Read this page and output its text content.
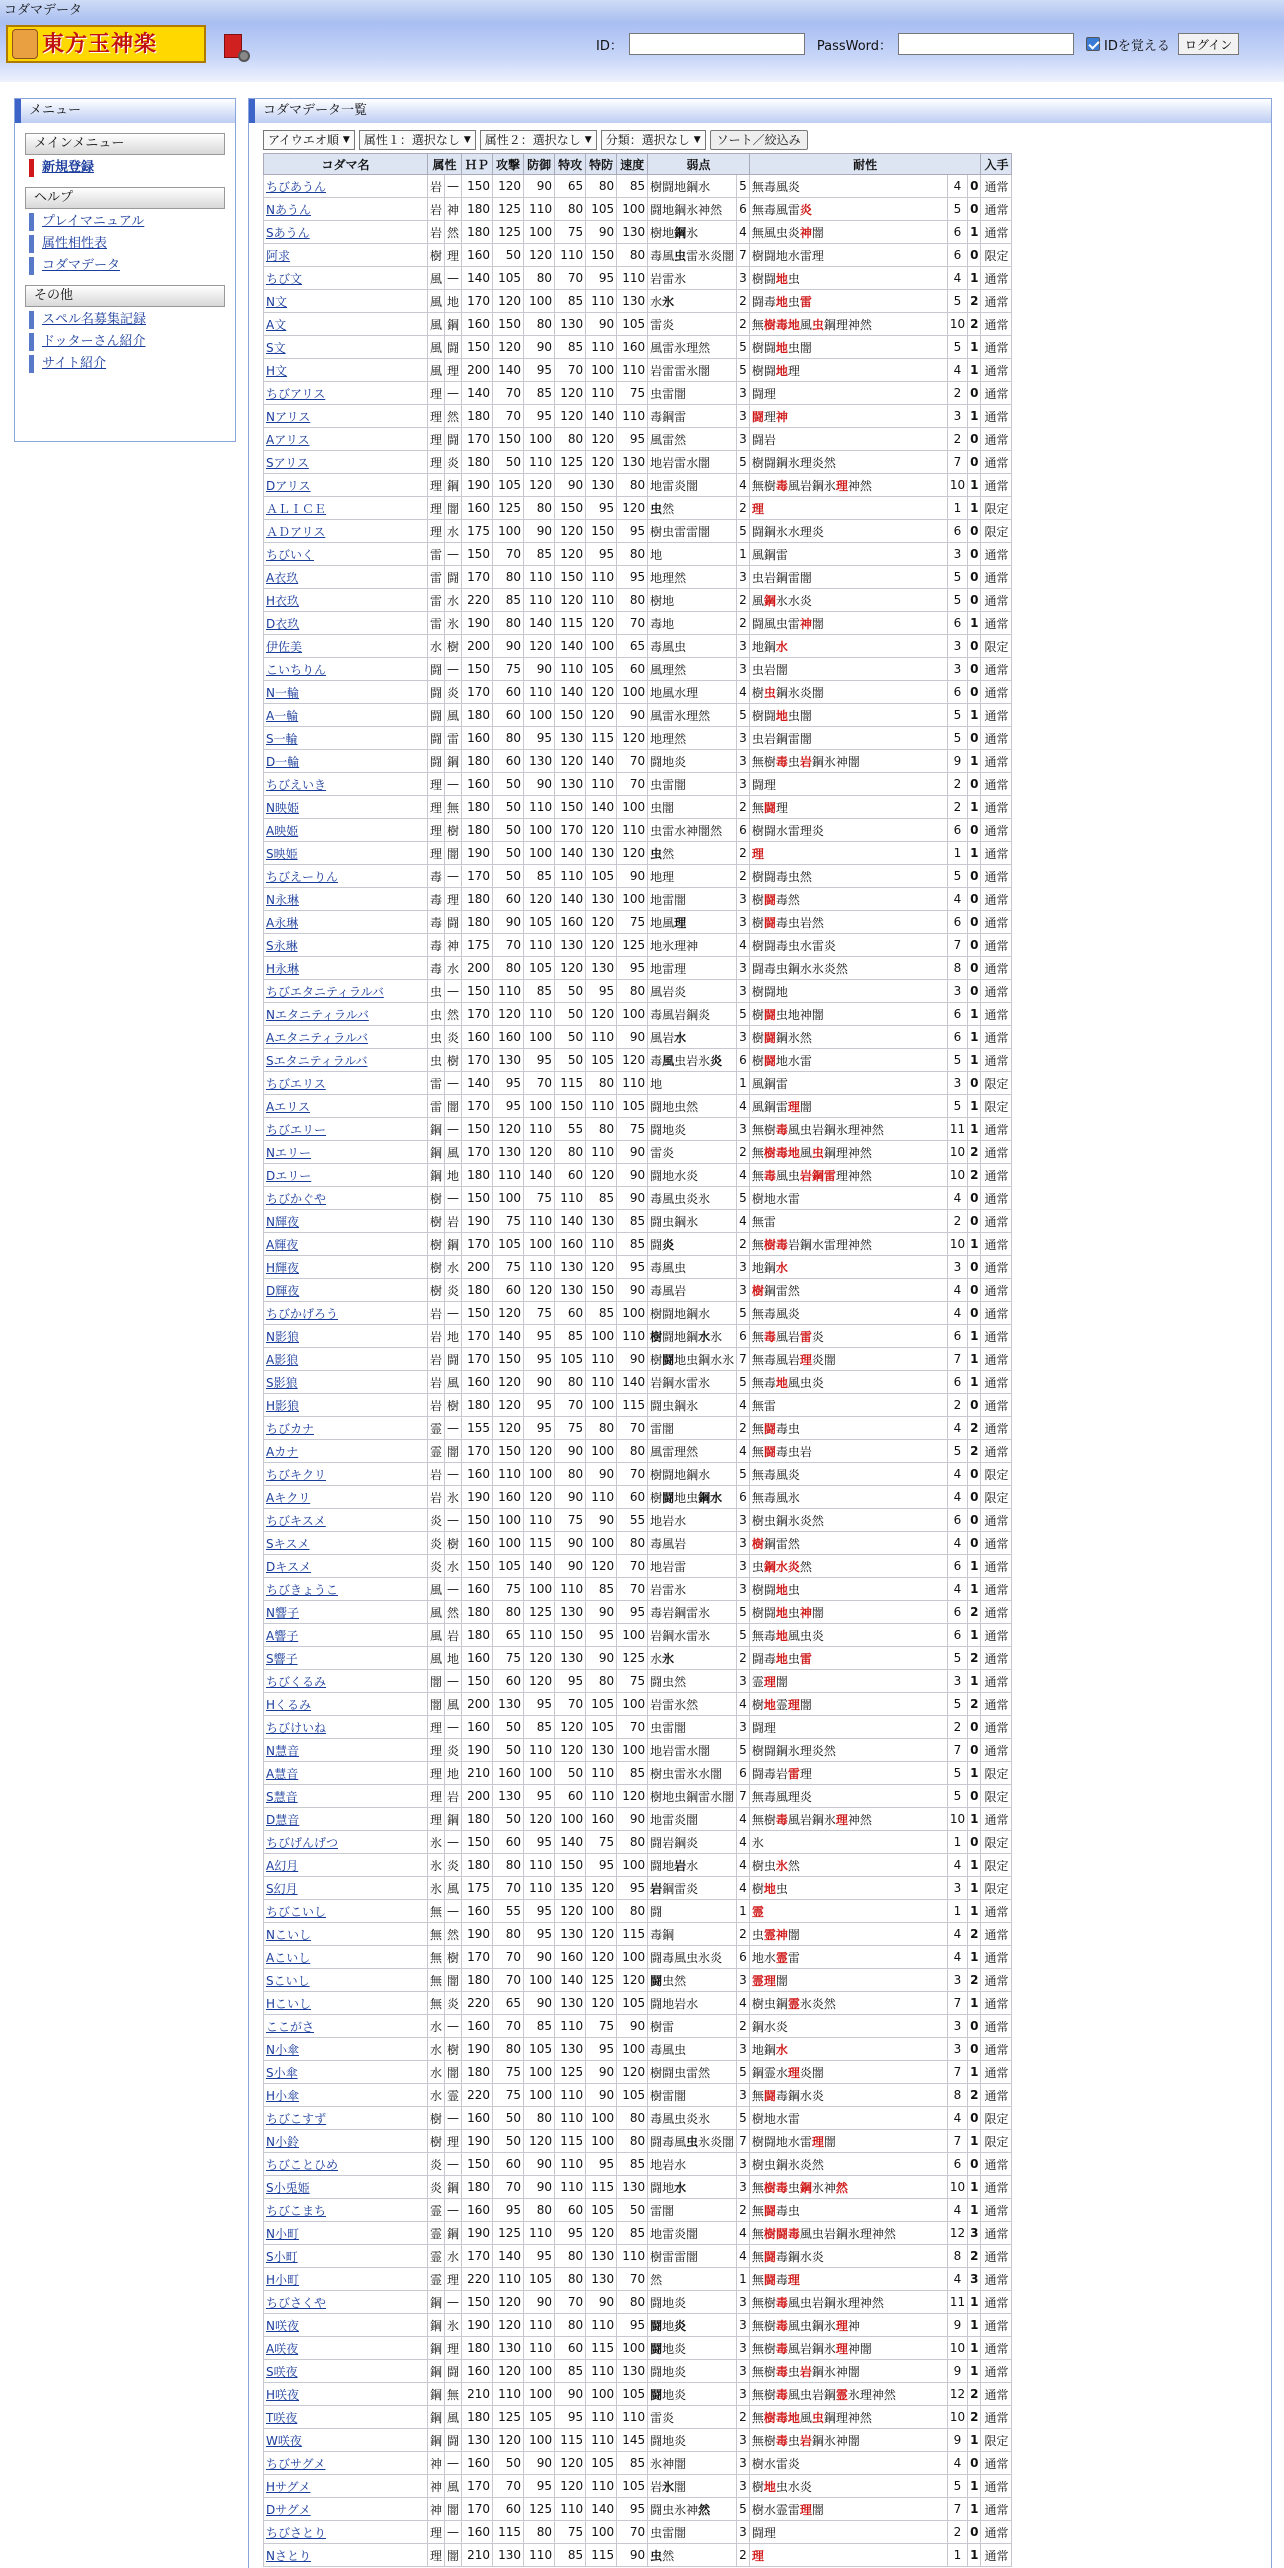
コダマデータ
東方玉神楽	ID：	PassWord：	IDを覚える	ログイン
メニュー
メインメニュー
新規登録
ヘルプ
プレイマニュアル
属性相性表
コダマデータ
その他
スペル名募集記録
ドッターさん紹介
サイト紹介
コダマデータ一覧
アイウエオ順 ▼ 属性１：選択なし ▼ 属性２：選択なし ▼ 分類：選択なし ▼	ソート／絞込み
コダマ名	属性		ＨＰ	攻撃	防御	特攻	特防	速度	弱点		耐性			入手
ちびあうん	岩	—	150	120	90	65	80	85	樹闘地鋼水	5	無毒風炎	4	0	通常
Nあうん	岩	神	180	125	110	80	105	100	闘地鋼氷神然	6	無毒風雷炎	5	0	通常
Sあうん	岩	然	180	125	100	75	90	130	樹地鋼氷	4	無風虫炎神闇	6	1	通常
阿求	樹	理	160	50	120	110	150	80	毒風虫雷氷炎闇	7	樹闘地水雷理	6	0	限定
ちび文	風	—	140	105	80	70	95	110	岩雷氷	3	樹闘地虫	4	1	通常
N文	風	地	170	120	100	85	110	130	水氷	2	闘毒地虫雷	5	2	通常
A文	風	鋼	160	150	80	130	90	105	雷炎	2	無樹毒地風虫鋼理神然	10	2	通常
S文	風	闘	150	120	90	85	110	160	風雷氷理然	5	樹闘地虫闇	5	1	通常
H文	風	理	200	140	95	70	100	110	岩雷雷氷闇	5	樹闘地理	4	1	通常
ちびアリス	理	—	140	70	85	120	110	75	虫雷闇	3	闘理	2	0	通常
Nアリス	理	然	180	70	95	120	140	110	毒鋼雷	3	闘理神	3	1	通常
Aアリス	理	闘	170	150	100	80	120	95	風雷然	3	闘岩	2	0	通常
Sアリス	理	炎	180	50	110	125	120	130	地岩雷水闇	5	樹闘鋼氷理炎然	7	0	通常
Dアリス	理	鋼	190	105	120	90	130	80	地雷炎闇	4	無樹毒風岩鋼氷理神然	10	1	通常
ＡＬＩＣＥ	理	闇	160	125	80	150	95	120	虫然	2	理	1	1	限定
ＡＤアリス	理	水	175	100	90	120	150	95	樹虫雷雷闇	5	闘鋼氷水理炎	6	0	限定
ちびいく	雷	—	150	70	85	120	95	80	地	1	風鋼雷	3	0	通常
A衣玖	雷	闘	170	80	110	150	110	95	地理然	3	虫岩鋼雷闇	5	0	通常
H衣玖	雷	水	220	85	110	120	110	80	樹地	2	風鋼氷水炎	5	0	通常
D衣玖	雷	氷	190	80	140	115	120	70	毒地	2	闘風虫雷神闇	6	1	通常
伊佐美	水	樹	200	90	120	140	100	65	毒風虫	3	地鋼水	3	0	限定
こいちりん	闘	—	150	75	90	110	105	60	風理然	3	虫岩闇	3	0	通常
N一輪	闘	炎	170	60	110	140	120	100	地風水理	4	樹虫鋼氷炎闇	6	0	通常
A一輪	闘	風	180	60	100	150	120	90	風雷氷理然	5	樹闘地虫闇	5	1	通常
S一輪	闘	雷	160	80	95	130	115	120	地理然	3	虫岩鋼雷闇	5	0	通常
D一輪	闘	鋼	180	60	130	120	140	70	闘地炎	3	無樹毒虫岩鋼氷神闇	9	1	通常
ちびえいき	理	—	160	50	90	130	110	70	虫雷闇	3	闘理	2	0	通常
N映姫	理	無	180	50	110	150	140	100	虫闇	2	無闘理	2	1	通常
A映姫	理	樹	180	50	100	170	120	110	虫雷水神闇然	6	樹闘水雷理炎	6	0	通常
S映姫	理	闇	190	50	100	140	130	120	虫然	2	理	1	1	通常
ちびえーりん	毒	—	170	50	85	110	105	90	地理	2	樹闘毒虫然	5	0	通常
N永琳	毒	理	180	60	120	140	130	100	地雷闇	3	樹闘毒然	4	0	通常
A永琳	毒	闘	180	90	105	160	120	75	地風理	3	樹闘毒虫岩然	6	0	通常
S永琳	毒	神	175	70	110	130	120	125	地氷理神	4	樹闘毒虫水雷炎	7	0	通常
H永琳	毒	水	200	80	105	120	130	95	地雷理	3	闘毒虫鋼水氷炎然	8	0	通常
ちびエタニティラルバ	虫	—	150	110	85	50	95	80	風岩炎	3	樹闘地	3	0	通常
Nエタニティラルバ	虫	然	170	120	110	50	120	100	毒風岩鋼炎	5	樹闘虫地神闇	6	1	通常
Aエタニティラルバ	虫	炎	160	160	100	50	110	90	風岩水	3	樹闘鋼氷然	6	1	通常
Sエタニティラルバ	虫	樹	170	130	95	50	105	120	毒風虫岩氷炎	6	樹闘地水雷	5	1	通常
ちびエリス	雷	—	140	95	70	115	80	110	地	1	風鋼雷	3	0	限定
Aエリス	雷	闇	170	95	100	150	110	105	闘地虫然	4	風鋼雷理闇	5	1	限定
ちびエリー	鋼	—	150	120	110	55	80	75	闘地炎	3	無樹毒風虫岩鋼氷理神然	11	1	通常
Nエリー	鋼	風	170	130	120	80	110	90	雷炎	2	無樹毒地風虫鋼理神然	10	2	通常
Dエリー	鋼	地	180	110	140	60	120	90	闘地水炎	4	無毒風虫岩鋼雷理神然	10	2	通常
ちびかぐや	樹	—	150	100	75	110	85	90	毒風虫炎氷	5	樹地水雷	4	0	通常
N輝夜	樹	岩	190	75	110	140	130	85	闘虫鋼氷	4	無雷	2	0	通常
A輝夜	樹	鋼	170	105	100	160	110	85	闘炎	2	無樹毒岩鋼水雷理神然	10	1	通常
H輝夜	樹	水	200	75	110	130	120	95	毒風虫	3	地鋼水	3	0	通常
D輝夜	樹	炎	180	60	120	130	150	90	毒風岩	3	樹鋼雷然	4	0	通常
ちびかげろう	岩	—	150	120	75	60	85	100	樹闘地鋼水	5	無毒風炎	4	0	通常
N影狼	岩	地	170	140	95	85	100	110	樹闘地鋼水氷	6	無毒風岩雷炎	6	1	通常
A影狼	岩	闘	170	150	95	105	110	90	樹闘地虫鋼水氷	7	無毒風岩理炎闇	7	1	通常
S影狼	岩	風	160	120	90	80	110	140	岩鋼水雷氷	5	無毒地風虫炎	6	1	通常
H影狼	岩	樹	180	120	95	70	100	115	闘虫鋼氷	4	無雷	2	0	通常
ちびカナ	霊	—	155	120	95	75	80	70	雷闇	2	無闘毒虫	4	2	通常
Aカナ	霊	闇	170	150	120	90	100	80	風雷理然	4	無闘毒虫岩	5	2	通常
ちびキクリ	岩	—	160	110	100	80	90	70	樹闘地鋼水	5	無毒風炎	4	0	限定
Aキクリ	岩	氷	190	160	120	90	110	60	樹闘地虫鋼水	6	無毒風氷	4	0	限定
ちびキスメ	炎	—	150	100	110	75	90	55	地岩水	3	樹虫鋼氷炎然	6	0	通常
Sキスメ	炎	樹	160	100	115	90	100	80	毒風岩	3	樹鋼雷然	4	0	通常
Dキスメ	炎	水	150	105	140	90	120	70	地岩雷	3	虫鋼水炎然	6	1	通常
ちびきょうこ	風	—	160	75	100	110	85	70	岩雷氷	3	樹闘地虫	4	1	通常
N響子	風	然	180	80	125	130	90	95	毒岩鋼雷氷	5	樹闘地虫神闇	6	2	通常
A響子	風	岩	180	65	110	150	95	100	岩鋼水雷氷	5	無毒地風虫炎	6	1	通常
S響子	風	地	160	75	120	130	90	125	水氷	2	闘毒地虫雷	5	2	通常
ちびくるみ	闇	—	150	60	120	95	80	75	闘虫然	3	霊理闇	3	1	通常
Hくるみ	闇	風	200	130	95	70	105	100	岩雷氷然	4	樹地霊理闇	5	2	通常
ちびけいね	理	—	160	50	85	120	105	70	虫雷闇	3	闘理	2	0	通常
N慧音	理	炎	190	50	110	120	130	100	地岩雷水闇	5	樹闘鋼氷理炎然	7	0	通常
A慧音	理	地	210	160	100	50	110	85	樹虫雷氷水闇	6	闘毒岩雷理	5	1	限定
S慧音	理	岩	200	130	95	60	110	120	樹地虫鋼雷水闇	7	無毒風理炎	5	0	限定
D慧音	理	鋼	180	50	120	100	160	90	地雷炎闇	4	無樹毒風岩鋼氷理神然	10	1	通常
ちびげんげつ	氷	—	150	60	95	140	75	80	闘岩鋼炎	4	氷	1	0	限定
A幻月	氷	炎	180	80	110	150	95	100	闘地岩水	4	樹虫氷然	4	1	限定
S幻月	氷	風	175	70	110	135	120	95	岩鋼雷炎	4	樹地虫	3	1	限定
ちびこいし	無	—	160	55	95	120	100	80	闘	1	霊	1	1	通常
Nこいし	無	然	190	80	95	130	120	115	毒鋼	2	虫霊神闇	4	2	通常
Aこいし	無	樹	170	70	90	160	120	100	闘毒風虫氷炎	6	地水霊雷	4	1	通常
Sこいし	無	闇	180	70	100	140	125	120	闘虫然	3	霊理闇	3	2	通常
Hこいし	無	炎	220	65	90	130	120	105	闘地岩水	4	樹虫鋼霊氷炎然	7	1	通常
ここがさ	水	—	160	70	85	110	75	90	樹雷	2	鋼水炎	3	0	通常
N小傘	水	樹	190	80	105	130	95	100	毒風虫	3	地鋼水	3	0	通常
S小傘	水	闇	180	75	100	125	90	120	樹闘虫雷然	5	鋼霊水理炎闇	7	1	通常
H小傘	水	霊	220	75	100	110	90	105	樹雷闇	3	無闘毒鋼水炎	8	2	通常
ちびこすず	樹	—	160	50	80	110	100	80	毒風虫炎氷	5	樹地水雷	4	0	限定
N小鈴	樹	理	190	50	120	115	100	80	闘毒風虫氷炎闇	7	樹闘地水雷理闇	7	1	限定
ちびことひめ	炎	—	150	60	90	110	95	85	地岩水	3	樹虫鋼氷炎然	6	0	通常
S小兎姫	炎	鋼	180	70	90	110	115	130	闘地水	3	無樹毒虫鋼氷神然	10	1	通常
ちびこまち	霊	—	160	95	80	60	105	50	雷闇	2	無闘毒虫	4	1	通常
N小町	霊	鋼	190	125	110	95	120	85	地雷炎闇	4	無樹闘毒風虫岩鋼氷理神然	12	3	通常
S小町	霊	水	170	140	95	80	130	110	樹雷雷闇	4	無闘毒鋼水炎	8	2	通常
H小町	霊	理	220	110	105	80	130	70	然	1	無闘毒理	4	3	通常
ちびさくや	鋼	—	150	120	90	70	90	80	闘地炎	3	無樹毒風虫岩鋼氷理神然	11	1	通常
N咲夜	鋼	氷	190	120	110	80	110	95	闘地炎	3	無樹毒風虫鋼氷理神	9	1	通常
A咲夜	鋼	理	180	130	110	60	115	100	闘地炎	3	無樹毒風岩鋼氷理神闇	10	1	通常
S咲夜	鋼	闘	160	120	100	85	110	130	闘地炎	3	無樹毒虫岩鋼氷神闇	9	1	通常
H咲夜	鋼	無	210	110	100	90	100	105	闘地炎	3	無樹毒風虫岩鋼霊氷理神然	12	2	通常
T咲夜	鋼	風	180	125	105	95	110	110	雷炎	2	無樹毒地風虫鋼理神然	10	2	通常
W咲夜	鋼	闘	130	120	100	115	110	145	闘地炎	3	無樹毒虫岩鋼氷神闇	9	1	限定
ちびサグメ	神	—	160	50	90	120	105	85	氷神闇	3	樹水雷炎	4	0	通常
Hサグメ	神	風	170	70	95	120	110	105	岩氷闇	3	樹地虫水炎	5	1	通常
Dサグメ	神	闇	170	60	125	110	140	95	闘虫氷神然	5	樹水霊雷理闇	7	1	通常
ちびさとり	理	—	160	115	80	75	100	70	虫雷闇	3	闘理	2	0	通常
Nさとり	理	闇	210	130	110	85	115	90	虫然	2	理	1	1	通常
